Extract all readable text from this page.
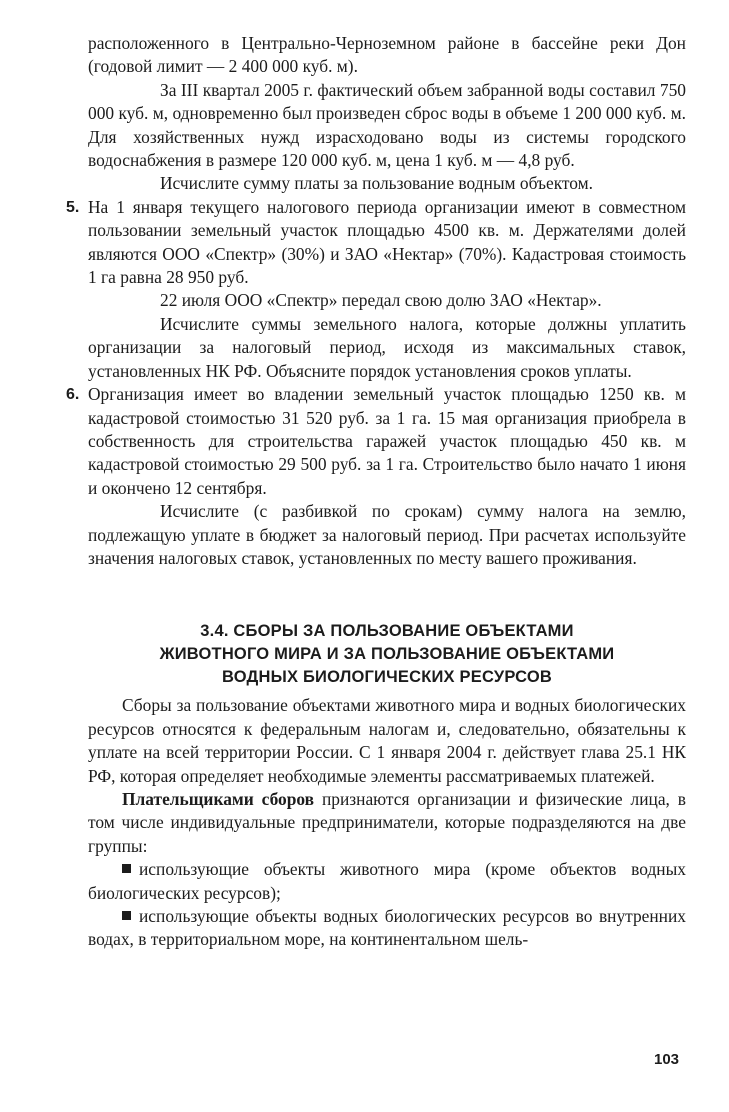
расположенного в Центрально-Черноземном районе в бассейне реки Дон (годовой лимит — 2 400 000 куб. м).

За III квартал 2005 г. фактический объем забранной воды составил 750 000 куб. м, одновременно был произведен сброс воды в объеме 1 200 000 куб. м. Для хозяйственных нужд израсходовано воды из системы городского водоснабжения в размере 120 000 куб. м, цена 1 куб. м — 4,8 руб.

Исчислите сумму платы за пользование водным объектом.

5. На 1 января текущего налогового периода организации имеют в совместном пользовании земельный участок площадью 4500 кв. м. Держателями долей являются ООО «Спектр» (30%) и ЗАО «Нектар» (70%). Кадастровая стоимость 1 га равна 28 950 руб.

22 июля ООО «Спектр» передал свою долю ЗАО «Нектар».

Исчислите суммы земельного налога, которые должны уплатить организации за налоговый период, исходя из максимальных ставок, установленных НК РФ. Объясните порядок установления сроков уплаты.

6. Организация имеет во владении земельный участок площадью 1250 кв. м кадастровой стоимостью 31 520 руб. за 1 га. 15 мая организация приобрела в собственность для строительства гаражей участок площадью 450 кв. м кадастровой стоимостью 29 500 руб. за 1 га. Строительство было начато 1 июня и окончено 12 сентября.

Исчислите (с разбивкой по срокам) сумму налога на землю, подлежащую уплате в бюджет за налоговый период. При расчетах используйте значения налоговых ставок, установленных по месту вашего проживания.

3.4. СБОРЫ ЗА ПОЛЬЗОВАНИЕ ОБЪЕКТАМИ
ЖИВОТНОГО МИРА И ЗА ПОЛЬЗОВАНИЕ ОБЪЕКТАМИ
ВОДНЫХ БИОЛОГИЧЕСКИХ РЕСУРСОВ

Сборы за пользование объектами животного мира и водных биологических ресурсов относятся к федеральным налогам и, следовательно, обязательны к уплате на всей территории России. С 1 января 2004 г. действует глава 25.1 НК РФ, которая определяет необходимые элементы рассматриваемых платежей.

Плательщиками сборов признаются организации и физические лица, в том числе индивидуальные предприниматели, которые подразделяются на две группы:

использующие объекты животного мира (кроме объектов водных биологических ресурсов);

использующие объекты водных биологических ресурсов во внутренних водах, в территориальном море, на континентальном шель-

103
